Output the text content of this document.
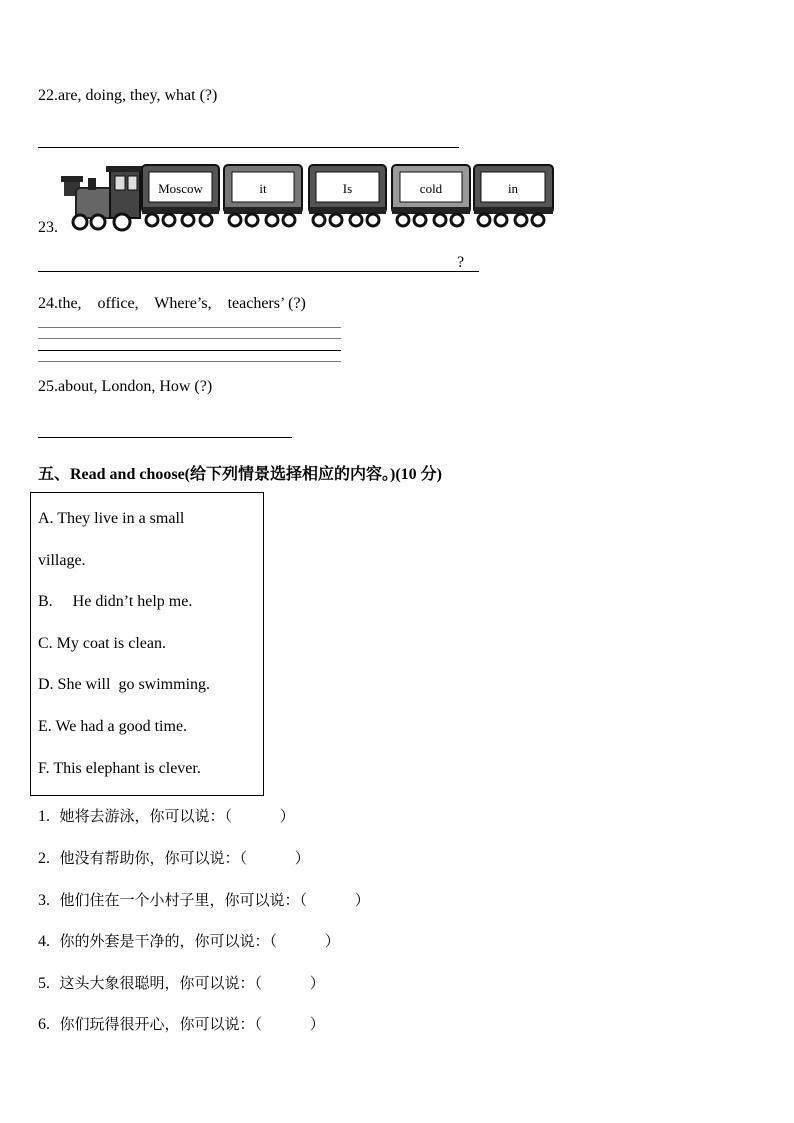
22.are, doing, they, what (?)
23.
Moscow	it	Is	cold	in
?
24.the,    office,    Where’s,    teachers’ (?)
25.about, London, How (?)
五、Read and choose(给下列情景选择相应的内容。)(10 分)
A. They live in a small
village.
B.     He didn’t help me.
C. My coat is clean.
D. She will  go swimming.
E. We had a good time.
F. This elephant is clever.
1. 她将去游泳，你可以说：（          ）
2. 他没有帮助你，你可以说：（          ）
3. 他们住在一个小村子里，你可以说：（          ）
4. 你的外套是干净的，你可以说：（          ）
5. 这头大象很聪明，你可以说：（          ）
6. 你们玩得很开心，你可以说：（          ）
